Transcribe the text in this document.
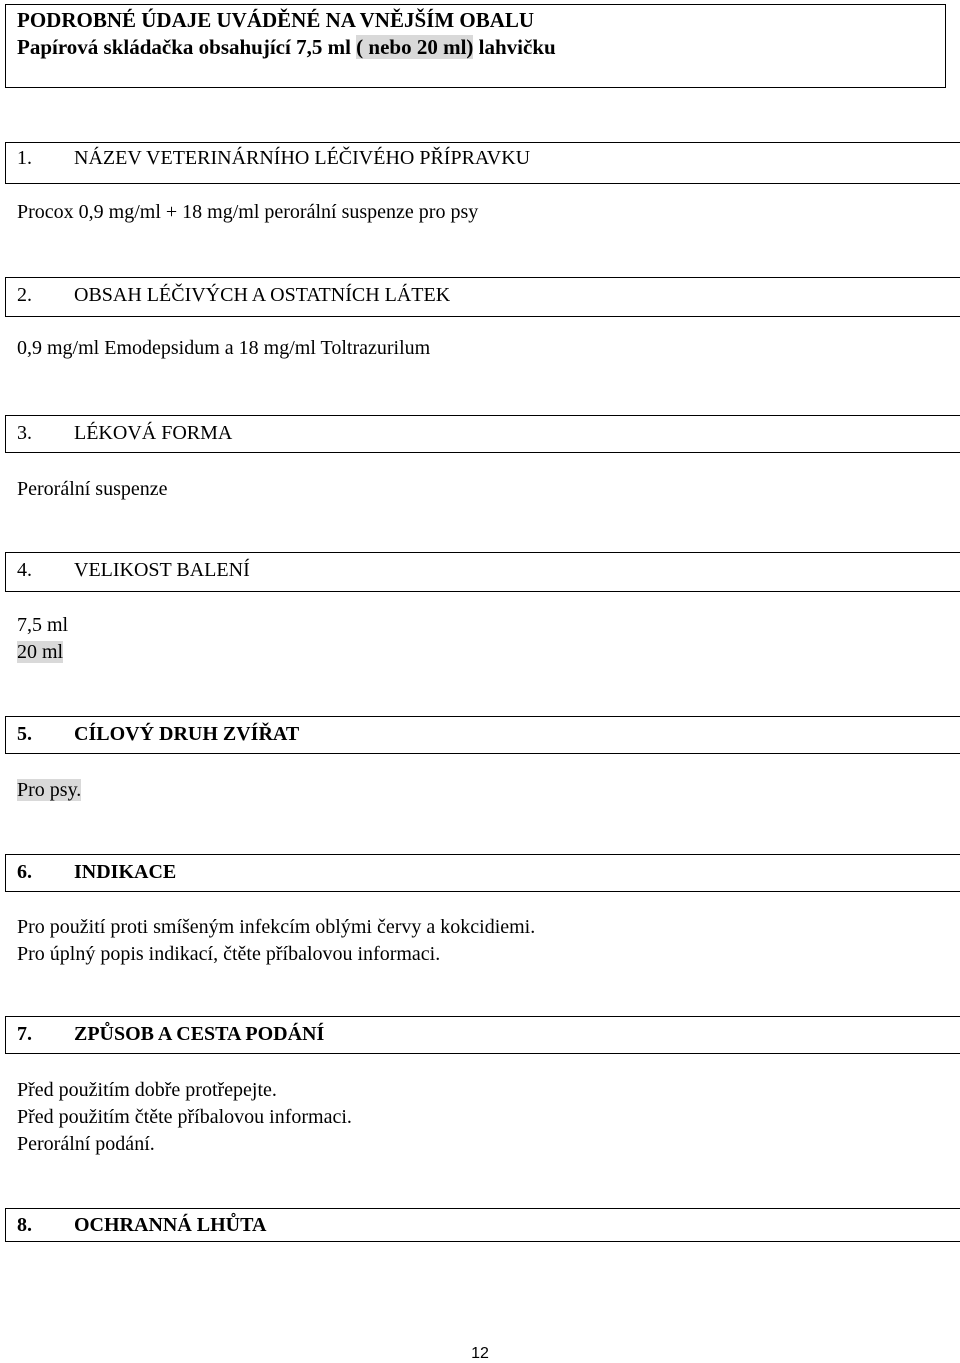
PODROBNÉ ÚDAJE UVÁDĚNÉ NA VNĚJŠÍM OBALU
Papírová skládačka obsahující 7,5 ml ( nebo 20 ml) lahvičku
1. NÁZEV VETERINÁRNÍHO LÉČIVÉHO PŘÍPRAVKU
Procox 0,9 mg/ml + 18 mg/ml perorální suspenze pro psy
2. OBSAH LÉČIVÝCH A OSTATNÍCH LÁTEK
0,9 mg/ml Emodepsidum a 18 mg/ml Toltrazurilum
3. LÉKOVÁ FORMA
Perorální suspenze
4. VELIKOST BALENÍ
7,5 ml
20 ml
5. CÍLOVÝ DRUH ZVÍŘAT
Pro psy.
6. INDIKACE
Pro použití proti smíšeným infekcím oblými červy a kokcidiemi.
Pro úplný popis indikací, čtěte příbalovou informaci.
7. ZPŮSOB A CESTA PODÁNÍ
Před použitím dobře protřepejte.
Před použitím čtěte příbalovou informaci.
Perorální podání.
8. OCHRANNÁ LHŮTA
12
